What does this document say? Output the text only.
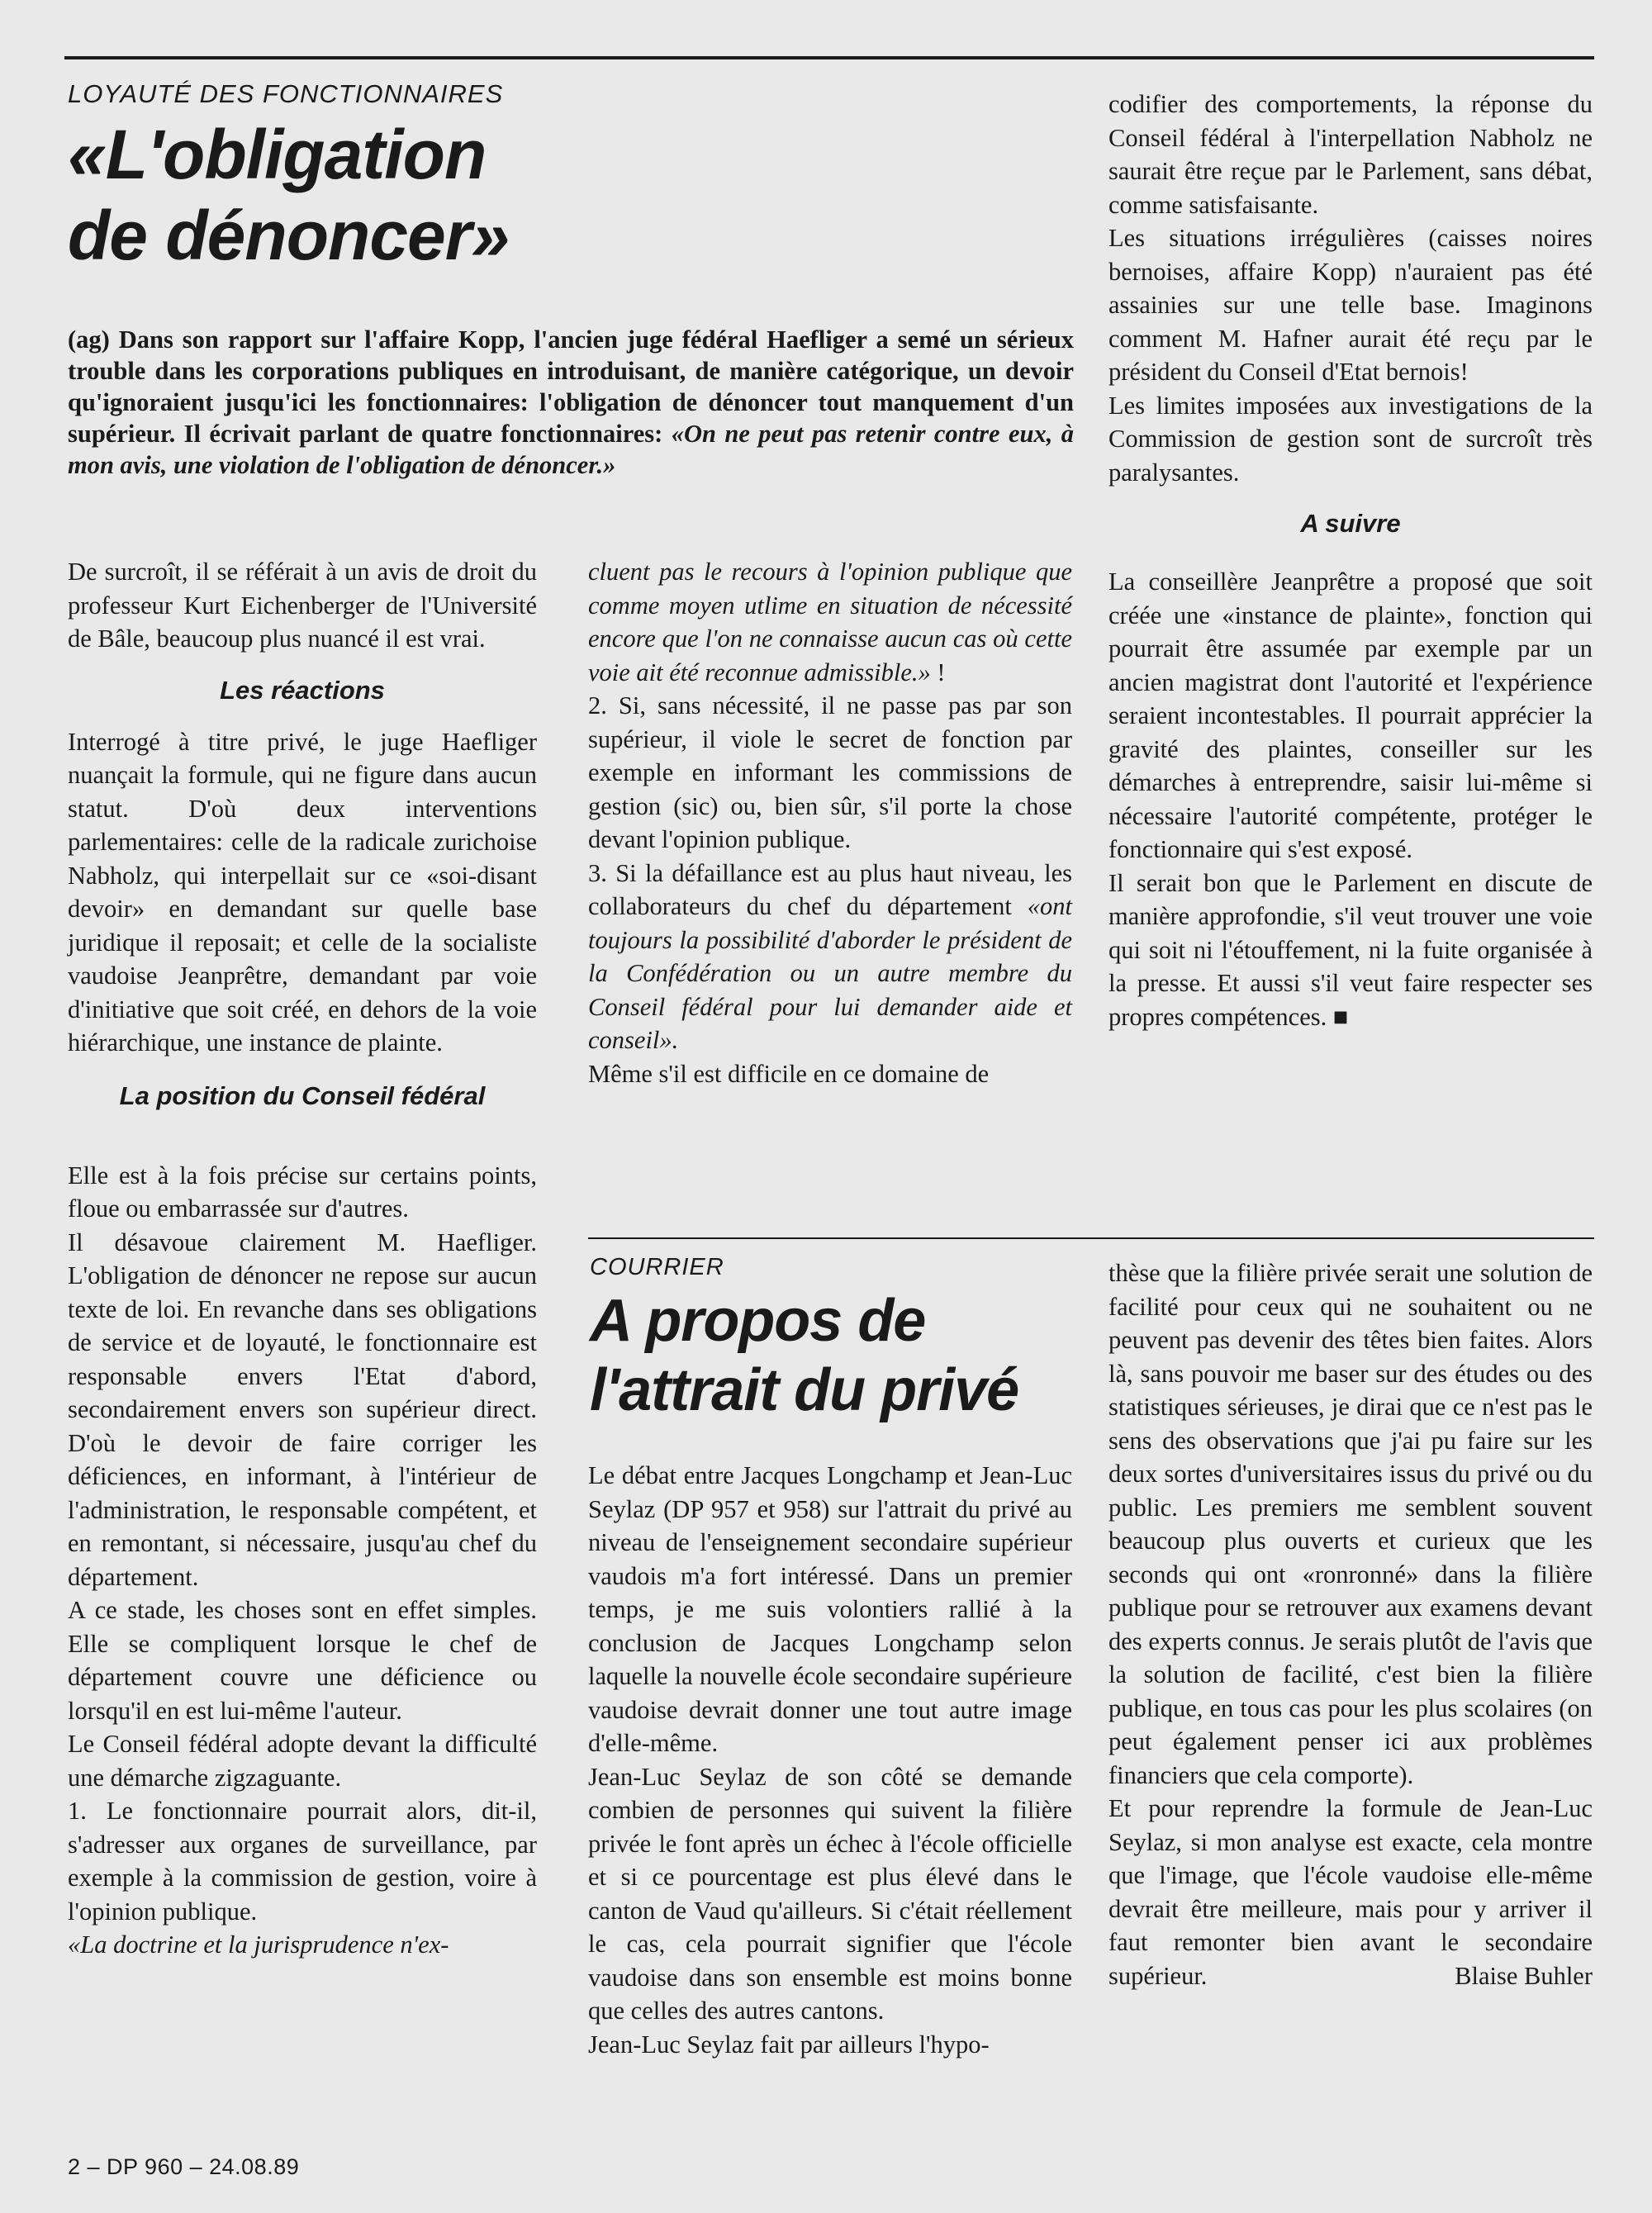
LOYAUTÉ DES FONCTIONNAIRES

«L'obligation
de dénoncer»

(ag) Dans son rapport sur l'affaire Kopp, l'ancien juge fédéral Haefliger a semé un sérieux trouble dans les corporations publiques en introduisant, de manière catégorique, un devoir qu'ignoraient jusqu'ici les fonctionnaires: l'obligation de dénoncer tout manquement d'un supérieur. Il écrivait parlant de quatre fonctionnaires: «On ne peut pas retenir contre eux, à mon avis, une violation de l'obligation de dénoncer.»

De surcroît, il se référait à un avis de droit du professeur Kurt Eichenberger de l'Université de Bâle, beaucoup plus nuancé il est vrai.

Les réactions

Interrogé à titre privé, le juge Haefliger nuançait la formule, qui ne figure dans aucun statut. D'où deux interventions parlementaires: celle de la radicale zurichoise Nabholz, qui interpellait sur ce «soi-disant devoir» en demandant sur quelle base juridique il reposait; et celle de la socialiste vaudoise Jeanprêtre, demandant par voie d'initiative que soit créé, en dehors de la voie hiérarchique, une instance de plainte.

La position du Conseil fédéral

Elle est à la fois précise sur certains points, floue ou embarrassée sur d'autres.

Il désavoue clairement M. Haefliger. L'obligation de dénoncer ne repose sur aucun texte de loi. En revanche dans ses obligations de service et de loyauté, le fonctionnaire est responsable envers l'Etat d'abord, secondairement envers son supérieur direct. D'où le devoir de faire corriger les déficiences, en informant, à l'intérieur de l'administration, le responsable compétent, et en remontant, si nécessaire, jusqu'au chef du département.

A ce stade, les choses sont en effet simples. Elle se compliquent lorsque le chef de département couvre une déficience ou lorsqu'il en est lui-même l'auteur.

Le Conseil fédéral adopte devant la difficulté une démarche zigzaguante.

1. Le fonctionnaire pourrait alors, dit-il, s'adresser aux organes de surveillance, par exemple à la commission de gestion, voire à l'opinion publique.

«La doctrine et la jurisprudence n'ex-

cluent pas le recours à l'opinion publique que comme moyen utlime en situation de nécessité encore que l'on ne connaisse aucun cas où cette voie ait été reconnue admissible.» !

2. Si, sans nécessité, il ne passe pas par son supérieur, il viole le secret de fonction par exemple en informant les commissions de gestion (sic) ou, bien sûr, s'il porte la chose devant l'opinion publique.

3. Si la défaillance est au plus haut niveau, les collaborateurs du chef du département «ont toujours la possibilité d'aborder le président de la Confédération ou un autre membre du Conseil fédéral pour lui demander aide et conseil».

Même s'il est difficile en ce domaine de

codifier des comportements, la réponse du Conseil fédéral à l'interpellation Nabholz ne saurait être reçue par le Parlement, sans débat, comme satisfaisante.

Les situations irrégulières (caisses noires bernoises, affaire Kopp) n'auraient pas été assainies sur une telle base. Imaginons comment M. Hafner aurait été reçu par le président du Conseil d'Etat bernois!

Les limites imposées aux investigations de la Commission de gestion sont de surcroît très paralysantes.

A suivre

La conseillère Jeanprêtre a proposé que soit créée une «instance de plainte», fonction qui pourrait être assumée par exemple par un ancien magistrat dont l'autorité et l'expérience seraient incontestables. Il pourrait apprécier la gravité des plaintes, conseiller sur les démarches à entreprendre, saisir lui-même si nécessaire l'autorité compétente, protéger le fonctionnaire qui s'est exposé.

Il serait bon que le Parlement en discute de manière approfondie, s'il veut trouver une voie qui soit ni l'étouffement, ni la fuite organisée à la presse. Et aussi s'il veut faire respecter ses propres compétences. ■

COURRIER

A propos de
l'attrait du privé

Le débat entre Jacques Longchamp et Jean-Luc Seylaz (DP 957 et 958) sur l'attrait du privé au niveau de l'enseignement secondaire supérieur vaudois m'a fort intéressé. Dans un premier temps, je me suis volontiers rallié à la conclusion de Jacques Longchamp selon laquelle la nouvelle école secondaire supérieure vaudoise devrait donner une tout autre image d'elle-même.

Jean-Luc Seylaz de son côté se demande combien de personnes qui suivent la filière privée le font après un échec à l'école officielle et si ce pourcentage est plus élevé dans le canton de Vaud qu'ailleurs. Si c'était réellement le cas, cela pourrait signifier que l'école vaudoise dans son ensemble est moins bonne que celles des autres cantons.

Jean-Luc Seylaz fait par ailleurs l'hypo-

thèse que la filière privée serait une solution de facilité pour ceux qui ne souhaitent ou ne peuvent pas devenir des têtes bien faites. Alors là, sans pouvoir me baser sur des études ou des statistiques sérieuses, je dirai que ce n'est pas le sens des observations que j'ai pu faire sur les deux sortes d'universitaires issus du privé ou du public. Les premiers me semblent souvent beaucoup plus ouverts et curieux que les seconds qui ont «ronronné» dans la filière publique pour se retrouver aux examens devant des experts connus. Je serais plutôt de l'avis que la solution de facilité, c'est bien la filière publique, en tous cas pour les plus scolaires (on peut également penser ici aux problèmes financiers que cela comporte).

Et pour reprendre la formule de Jean-Luc Seylaz, si mon analyse est exacte, cela montre que l'image, que l'école vaudoise elle-même devrait être meilleure, mais pour y arriver il faut remonter bien avant le secondaire supérieur.	Blaise Buhler

2 – DP 960 – 24.08.89
